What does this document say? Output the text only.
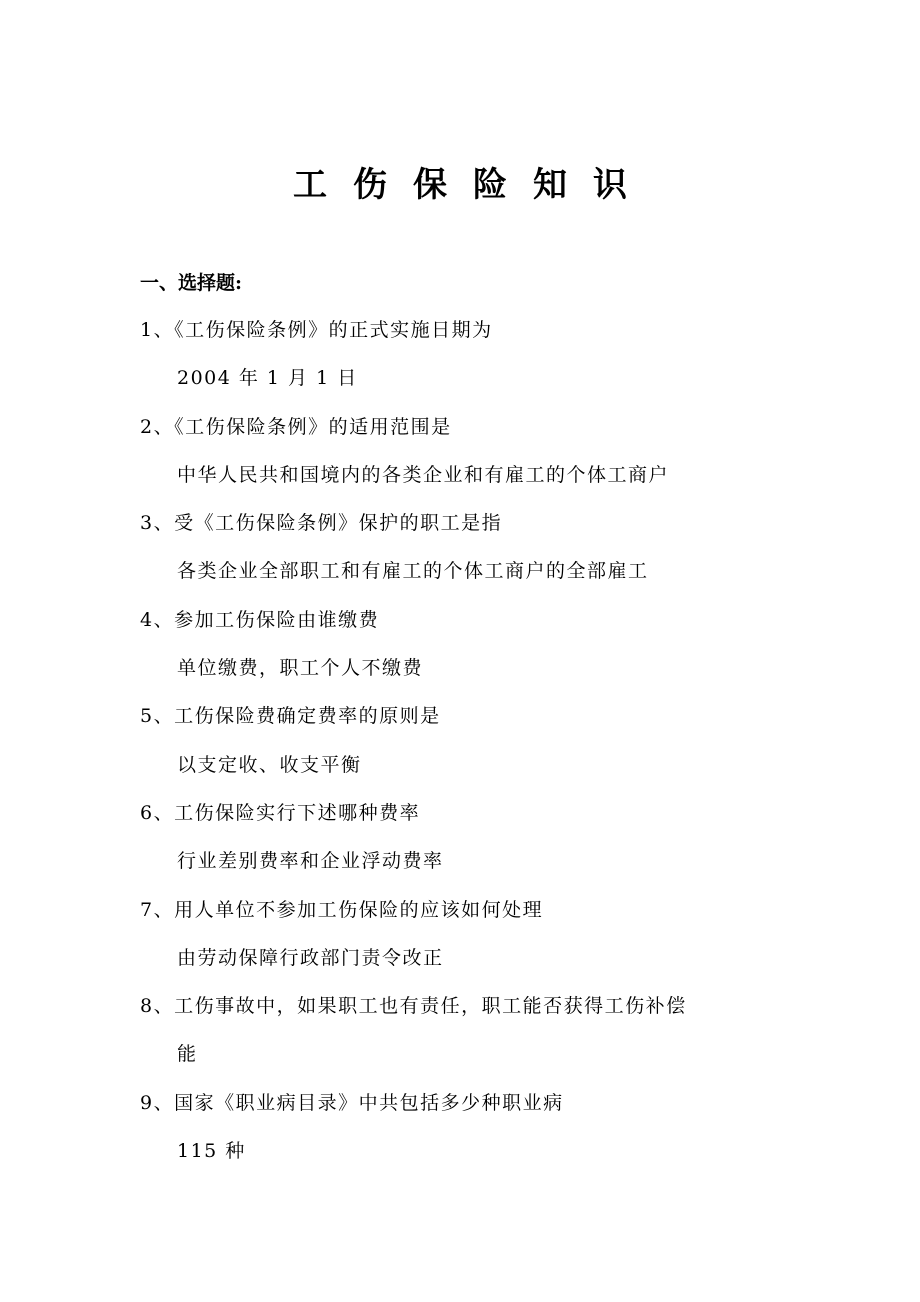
工伤保险知识
一、选择题:
1、《工伤保险条例》的正式实施日期为
2004 年 1 月 1 日
2、《工伤保险条例》的适用范围是
中华人民共和国境内的各类企业和有雇工的个体工商户
3、受《工伤保险条例》保护的职工是指
各类企业全部职工和有雇工的个体工商户的全部雇工
4、参加工伤保险由谁缴费
单位缴费，职工个人不缴费
5、工伤保险费确定费率的原则是
以支定收、收支平衡
6、工伤保险实行下述哪种费率
行业差别费率和企业浮动费率
7、用人单位不参加工伤保险的应该如何处理
由劳动保障行政部门责令改正
8、工伤事故中，如果职工也有责任，职工能否获得工伤补偿
能
9、国家《职业病目录》中共包括多少种职业病
115 种
